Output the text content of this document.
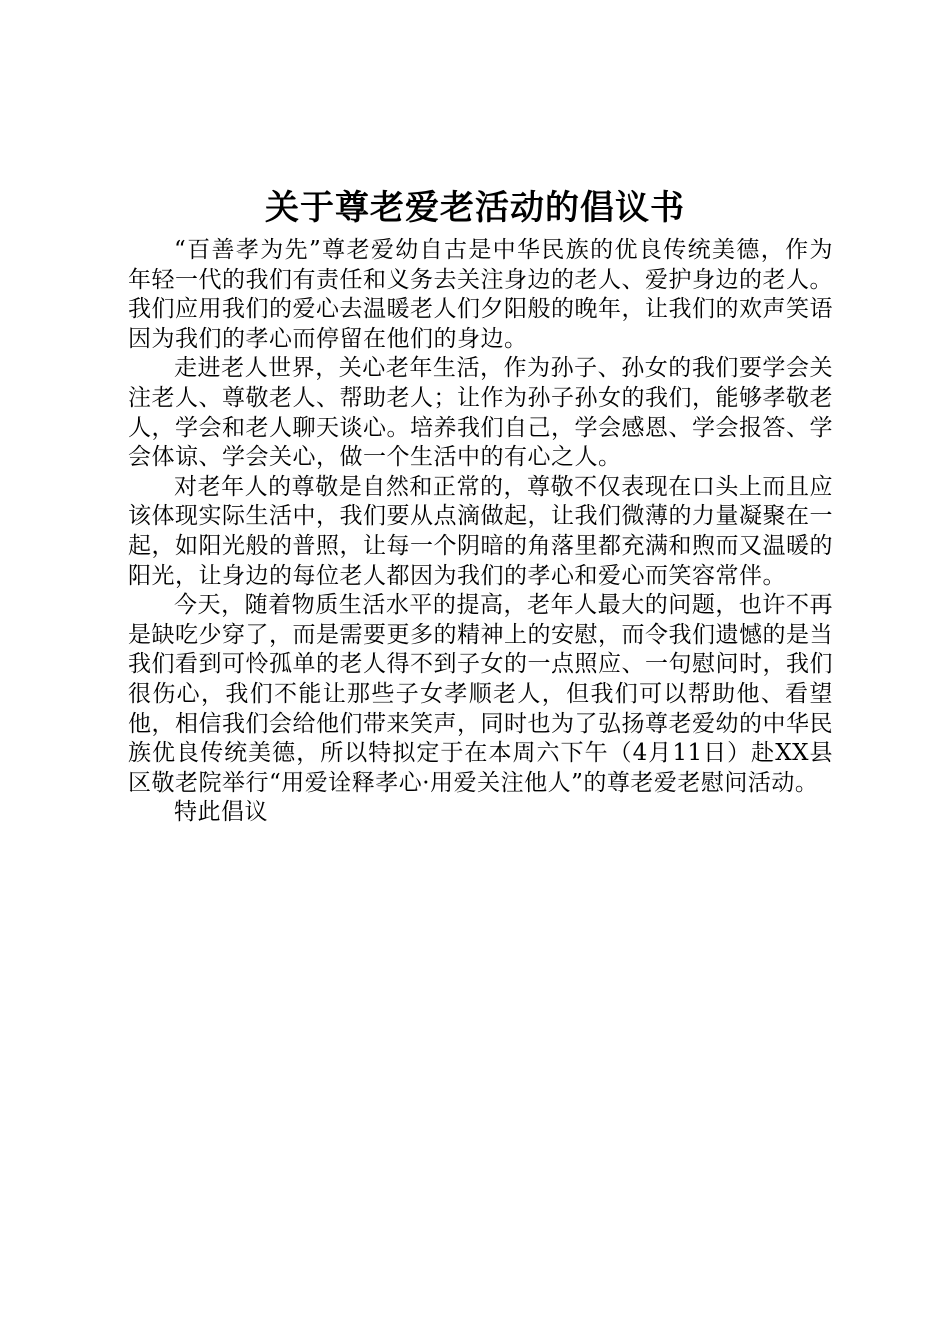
关于尊老爱老活动的倡议书

“百善孝为先”尊老爱幼自古是中华民族的优良传统美德，作为年轻一代的我们有责任和义务去关注身边的老人、爱护身边的老人。我们应用我们的爱心去温暖老人们夕阳般的晚年，让我们的欢声笑语因为我们的孝心而停留在他们的身边。

走进老人世界，关心老年生活，作为孙子、孙女的我们要学会关注老人、尊敬老人、帮助老人；让作为孙子孙女的我们，能够孝敬老人，学会和老人聊天谈心。培养我们自己，学会感恩、学会报答、学会体谅、学会关心，做一个生活中的有心之人。

对老年人的尊敬是自然和正常的，尊敬不仅表现在口头上而且应该体现实际生活中，我们要从点滴做起，让我们微薄的力量凝聚在一起，如阳光般的普照，让每一个阴暗的角落里都充满和煦而又温暖的阳光，让身边的每位老人都因为我们的孝心和爱心而笑容常伴。

今天，随着物质生活水平的提高，老年人最大的问题，也许不再是缺吃少穿了，而是需要更多的精神上的安慰，而令我们遗憾的是当我们看到可怜孤单的老人得不到子女的一点照应、一句慰问时，我们很伤心，我们不能让那些子女孝顺老人，但我们可以帮助他、看望他，相信我们会给他们带来笑声，同时也为了弘扬尊老爱幼的中华民族优良传统美德，所以特拟定于在本周六下午（4月11日）赴XX县区敬老院举行“用爱诠释孝心·用爱关注他人”的尊老爱老慰问活动。

特此倡议
